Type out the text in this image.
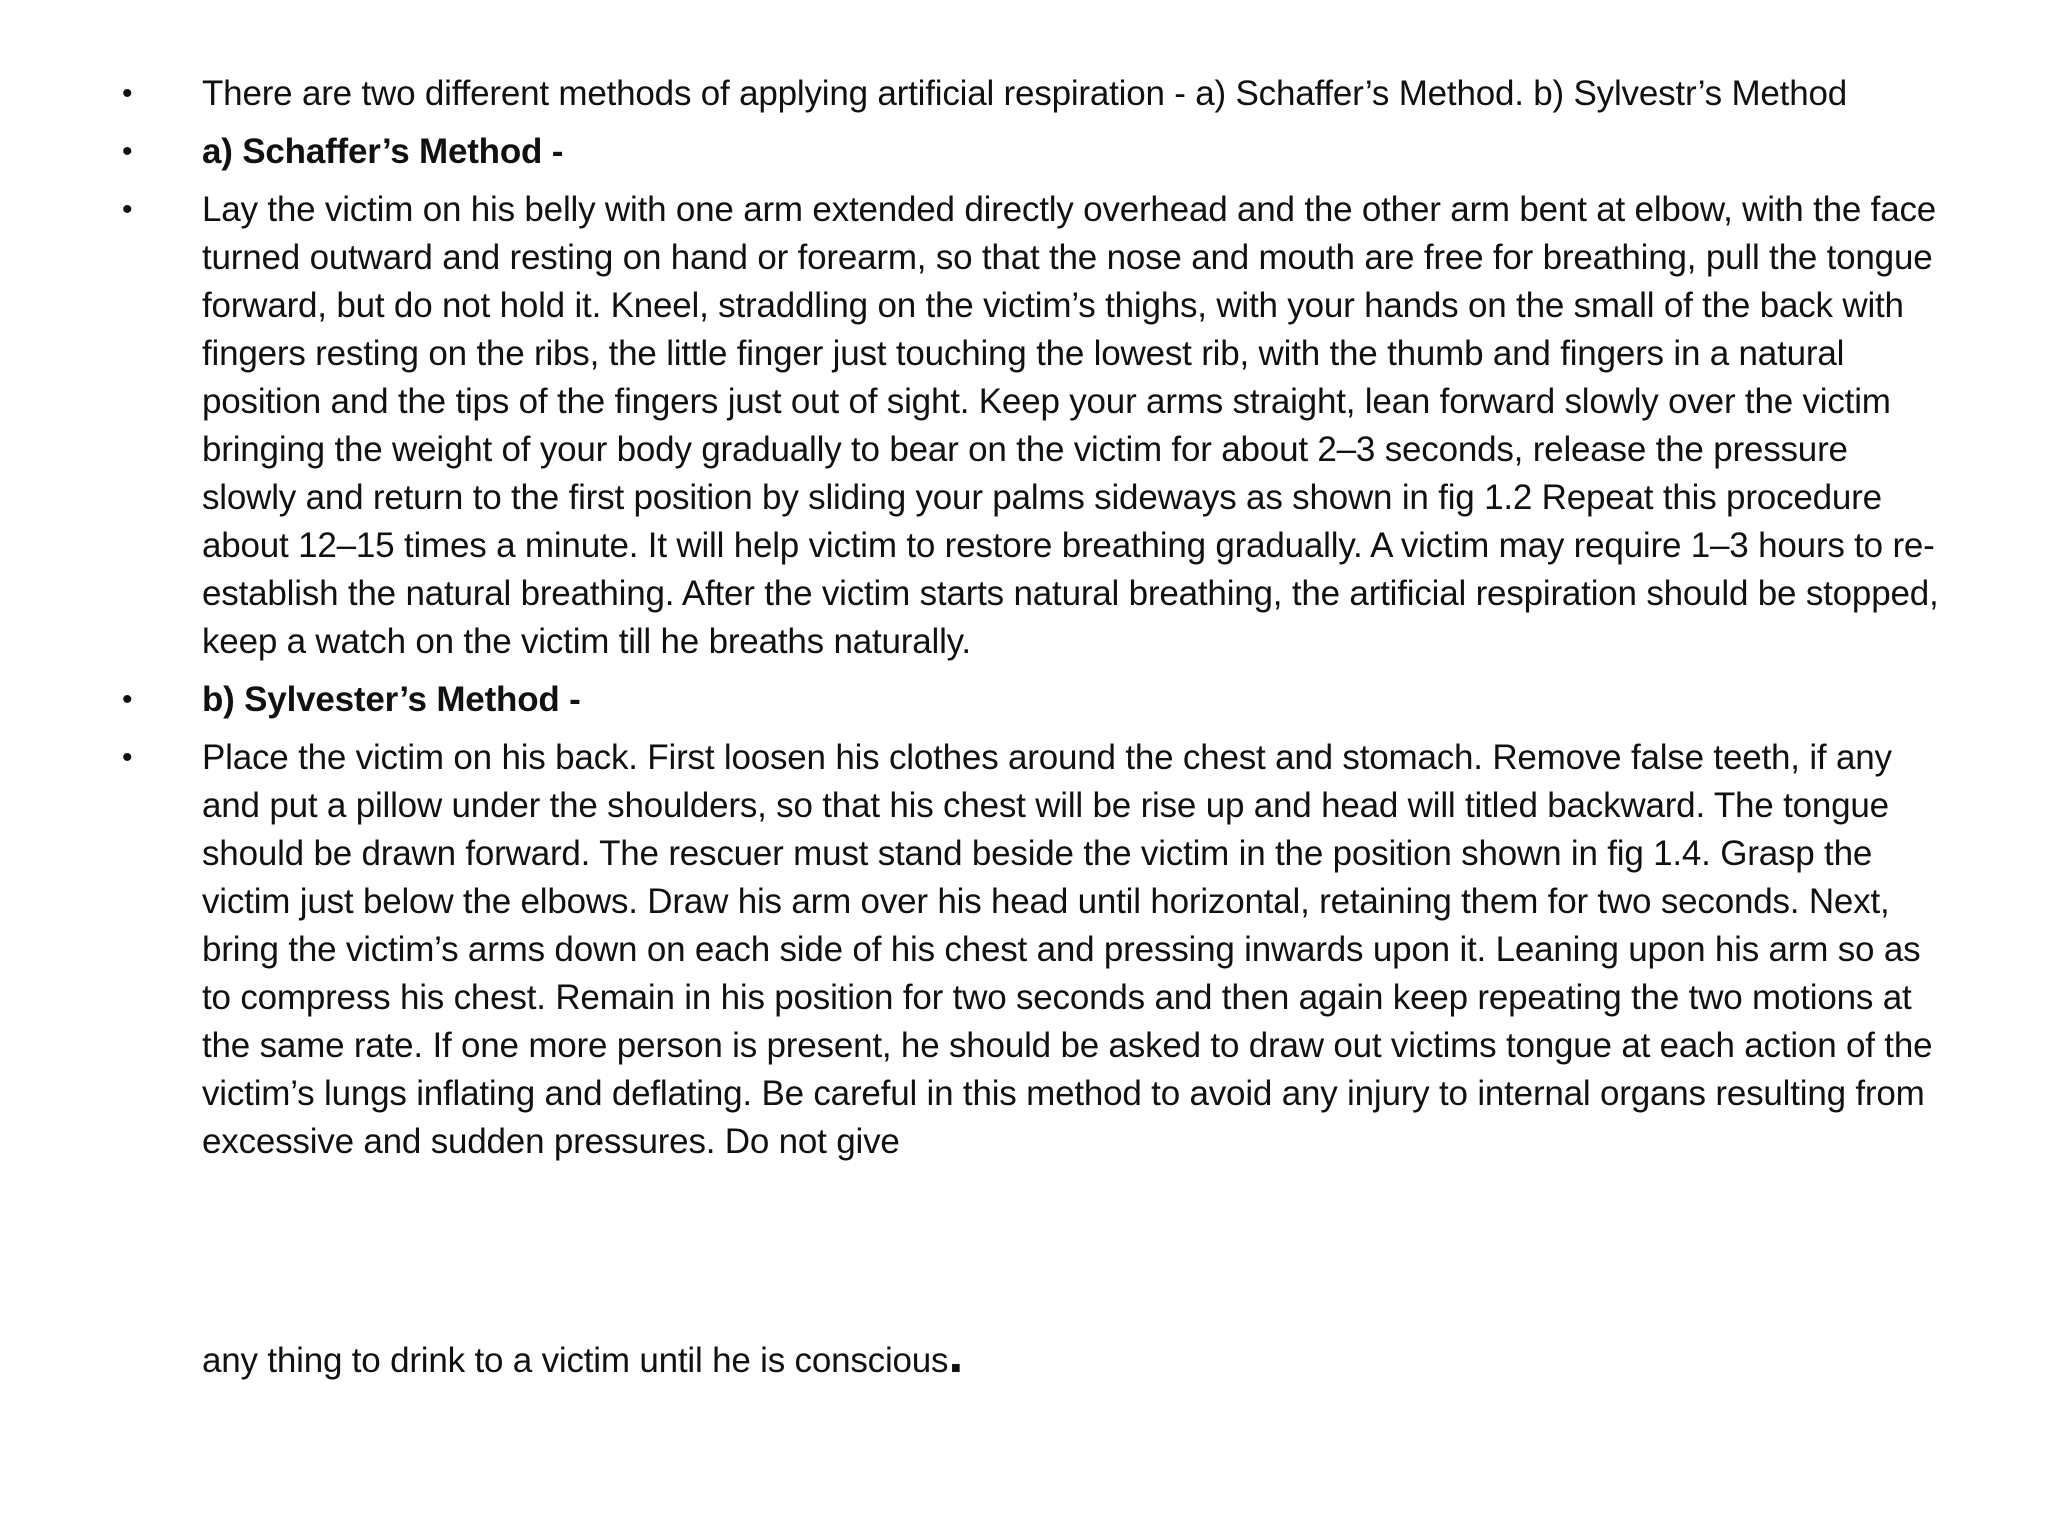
•	There are two different methods of applying artificial respiration - a) Schaffer’s Method. b) Sylvestr’s Method
•	a) Schaffer’s Method -
•	Lay the victim on his belly with one arm extended directly overhead and the other arm bent at elbow, with the face turned outward and resting on hand or forearm, so that the nose and mouth are free for breathing, pull the tongue forward, but do not hold it. Kneel, straddling on the victim’s thighs, with your hands on the small of the back with fingers resting on the ribs, the little finger just touching the lowest rib, with the thumb and fingers in a natural position and the tips of the fingers just out of sight. Keep your arms straight, lean forward slowly over the victim bringing the weight of your body gradually to bear on the victim for about 2–3 seconds, release the pressure slowly and return to the first position by sliding your palms sideways as shown in fig 1.2 Repeat this procedure about 12–15 times a minute. It will help victim to restore breathing gradually. A victim may require 1–3 hours to re-establish the natural breathing. After the victim starts natural breathing, the artificial respiration should be stopped, keep a watch on the victim till he breaths naturally.
•	b) Sylvester’s Method -
•	Place the victim on his back. First loosen his clothes around the chest and stomach. Remove false teeth, if any and put a pillow under the shoulders, so that his chest will be rise up and head will titled backward. The tongue should be drawn forward. The rescuer must stand beside the victim in the position shown in fig 1.4. Grasp the victim just below the elbows. Draw his arm over his head until horizontal, retaining them for two seconds. Next, bring the victim’s arms down on each side of his chest and pressing inwards upon it. Leaning upon his arm so as to compress his chest. Remain in his position for two seconds and then again keep repeating the two motions at the same rate. If one more person is present, he should be asked to draw out victims tongue at each action of the victim’s lungs inflating and deflating. Be careful in this method to avoid any injury to internal organs resulting from excessive and sudden pressures. Do not give
any thing to drink to a victim until he is conscious.
